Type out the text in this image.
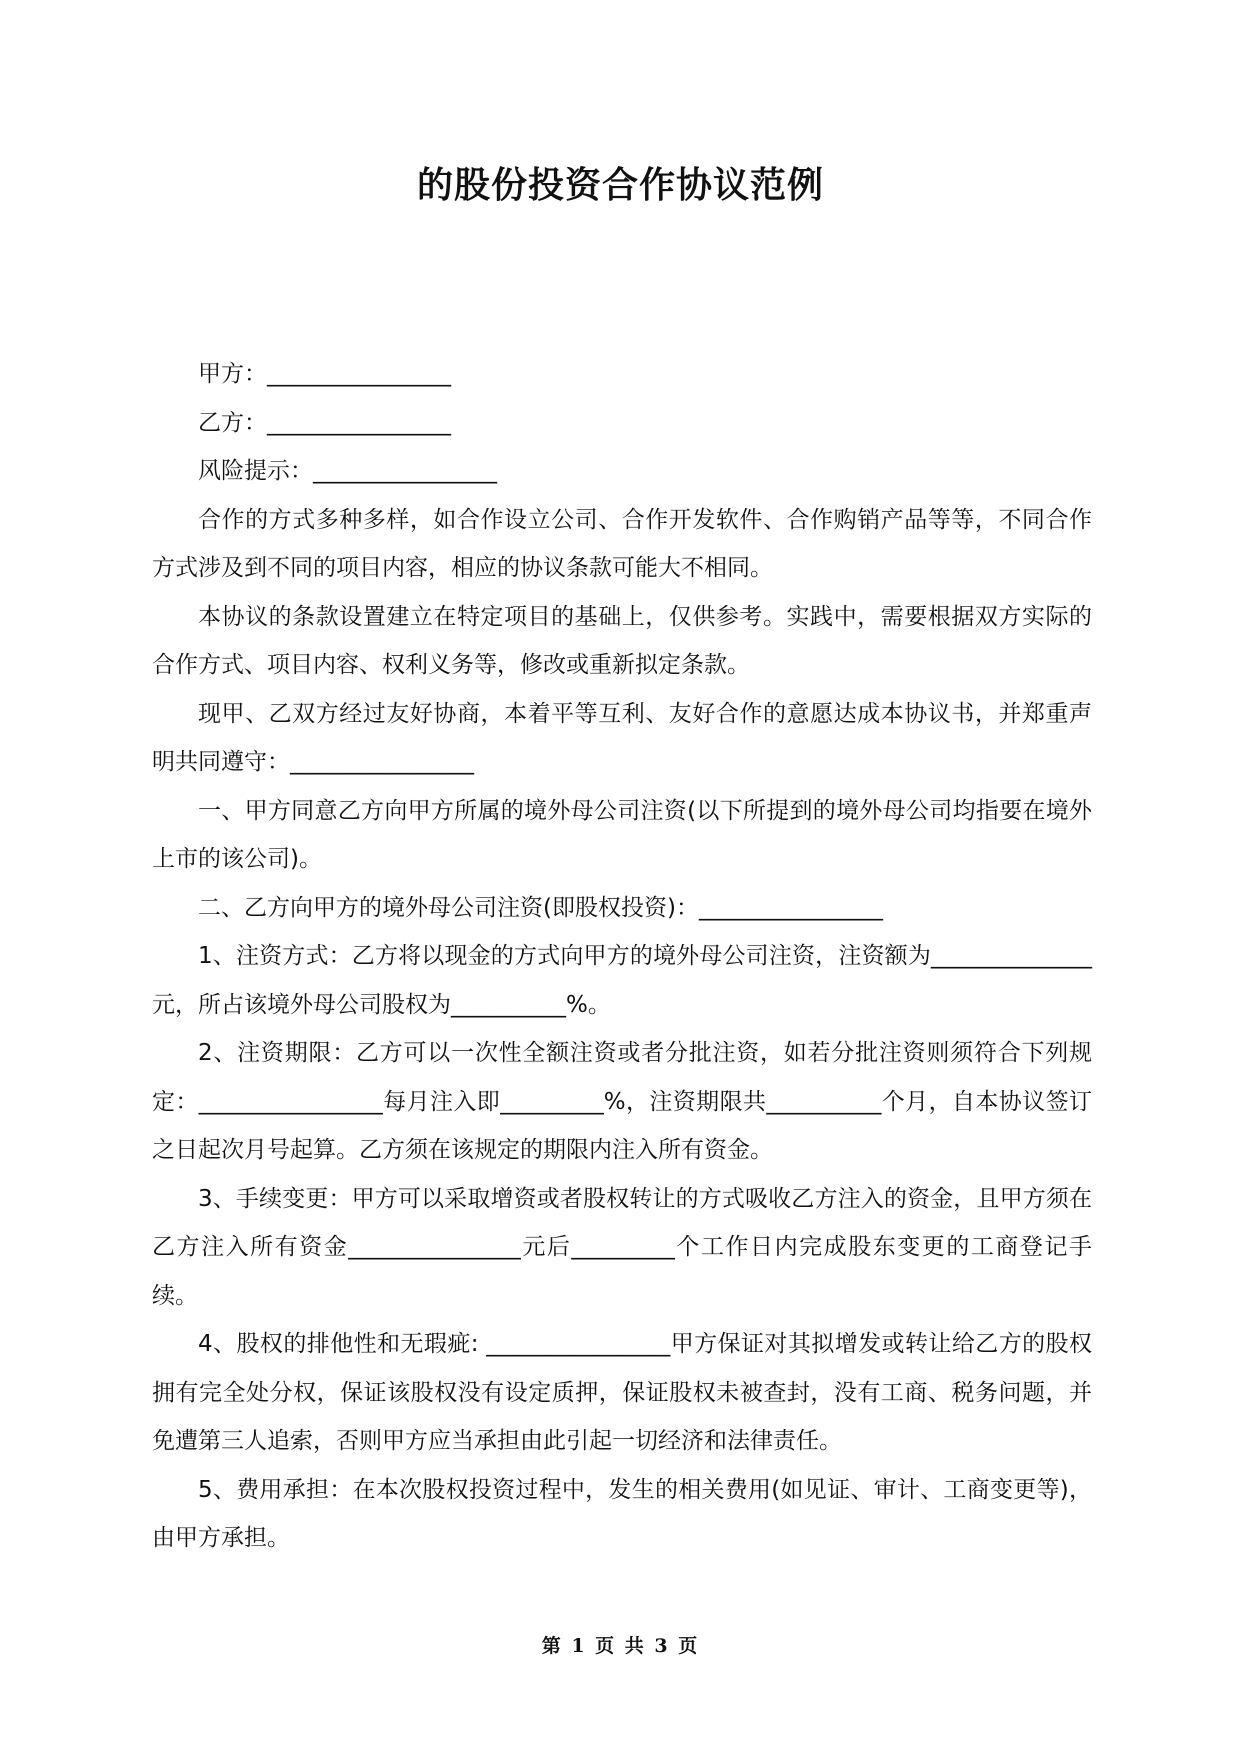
的股份投资合作协议范例

甲方：________________

乙方：________________

风险提示：________________

合作的方式多种多样，如合作设立公司、合作开发软件、合作购销产品等等，不同合作方式涉及到不同的项目内容，相应的协议条款可能大不相同。

本协议的条款设置建立在特定项目的基础上，仅供参考。实践中，需要根据双方实际的合作方式、项目内容、权利义务等，修改或重新拟定条款。

现甲、乙双方经过友好协商，本着平等互利、友好合作的意愿达成本协议书，并郑重声明共同遵守：________________

一、甲方同意乙方向甲方所属的境外母公司注资(以下所提到的境外母公司均指要在境外上市的该公司)。

二、乙方向甲方的境外母公司注资(即股权投资)：________________

1、注资方式：乙方将以现金的方式向甲方的境外母公司注资，注资额为______________元，所占该境外母公司股权为__________%。

2、注资期限：乙方可以一次性全额注资或者分批注资，如若分批注资则须符合下列规定：________________每月注入即_________%，注资期限共__________个月，自本协议签订之日起次月号起算。乙方须在该规定的期限内注入所有资金。

3、手续变更：甲方可以采取增资或者股权转让的方式吸收乙方注入的资金，且甲方须在乙方注入所有资金_______________元后_________个工作日内完成股东变更的工商登记手续。

4、股权的排他性和无瑕疵: ________________甲方保证对其拟增发或转让给乙方的股权拥有完全处分权，保证该股权没有设定质押，保证股权未被查封，没有工商、税务问题，并免遭第三人追索，否则甲方应当承担由此引起一切经济和法律责任。

5、费用承担：在本次股权投资过程中，发生的相关费用(如见证、审计、工商变更等)，由甲方承担。

第 1 页 共 3 页
